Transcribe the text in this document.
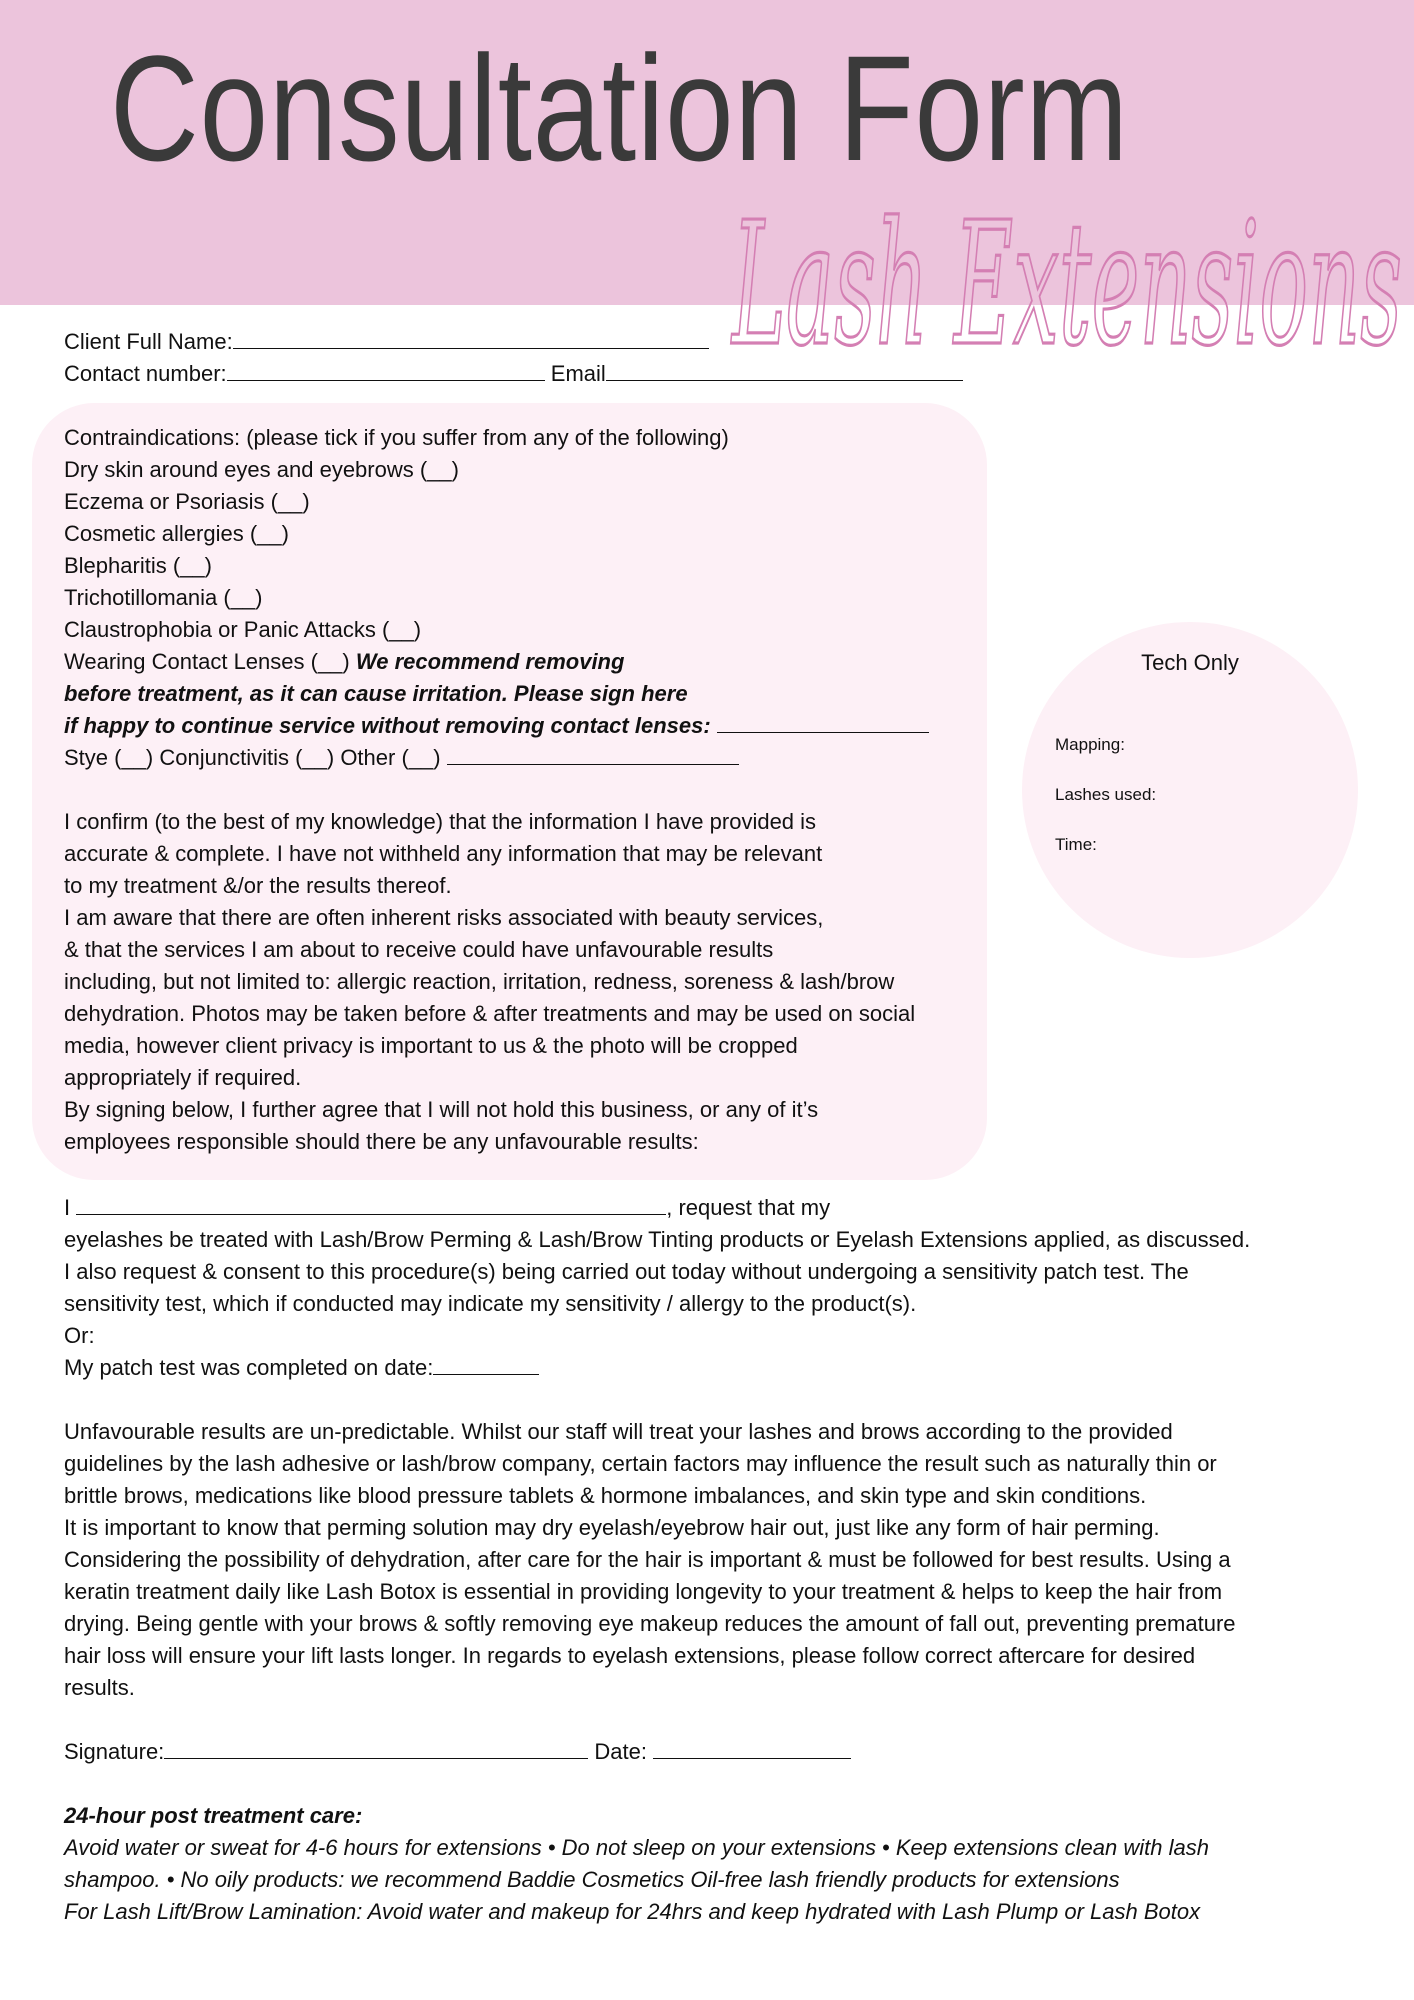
Consultation Form
Lash Extensions
Client Full Name:
Contact number:	Email
Contraindications: (please tick if you suffer from any of the following)
Dry skin around eyes and eyebrows (__)
Eczema or Psoriasis (__)
Cosmetic allergies (__)
Blepharitis (__)
Trichotillomania (__)
Claustrophobia or Panic Attacks (__)
Wearing Contact Lenses (__) We recommend removing
before treatment, as it can cause irritation. Please sign here
if happy to continue service without removing contact lenses:
Stye (__) Conjunctivitis (__) Other (__)
I confirm (to the best of my knowledge) that the information I have provided is
accurate & complete. I have not withheld any information that may be relevant
to my treatment &/or the results thereof.
I am aware that there are often inherent risks associated with beauty services,
& that the services I am about to receive could have unfavourable results
including, but not limited to: allergic reaction, irritation, redness, soreness & lash/brow
dehydration. Photos may be taken before & after treatments and may be used on social
media, however client privacy is important to us & the photo will be cropped
appropriately if required.
By signing below, I further agree that I will not hold this business, or any of it’s
employees responsible should there be any unfavourable results:
Tech Only
Mapping:
Lashes used:
Time:
I	, request that my
eyelashes be treated with Lash/Brow Perming & Lash/Brow Tinting products or Eyelash Extensions applied, as discussed.
I also request & consent to this procedure(s) being carried out today without undergoing a sensitivity patch test. The
sensitivity test, which if conducted may indicate my sensitivity / allergy to the product(s).
Or:
My patch test was completed on date:
Unfavourable results are un-predictable. Whilst our staff will treat your lashes and brows according to the provided
guidelines by the lash adhesive or lash/brow company, certain factors may influence the result such as naturally thin or
brittle brows, medications like blood pressure tablets & hormone imbalances, and skin type and skin conditions.
It is important to know that perming solution may dry eyelash/eyebrow hair out, just like any form of hair perming.
Considering the possibility of dehydration, after care for the hair is important & must be followed for best results. Using a
keratin treatment daily like Lash Botox is essential in providing longevity to your treatment & helps to keep the hair from
drying. Being gentle with your brows & softly removing eye makeup reduces the amount of fall out, preventing premature
hair loss will ensure your lift lasts longer. In regards to eyelash extensions, please follow correct aftercare for desired
results.
Signature:	Date:
24-hour post treatment care:
Avoid water or sweat for 4-6 hours for extensions • Do not sleep on your extensions • Keep extensions clean with lash
shampoo. • No oily products: we recommend Baddie Cosmetics Oil-free lash friendly products for extensions
For Lash Lift/Brow Lamination: Avoid water and makeup for 24hrs and keep hydrated with Lash Plump or Lash Botox
